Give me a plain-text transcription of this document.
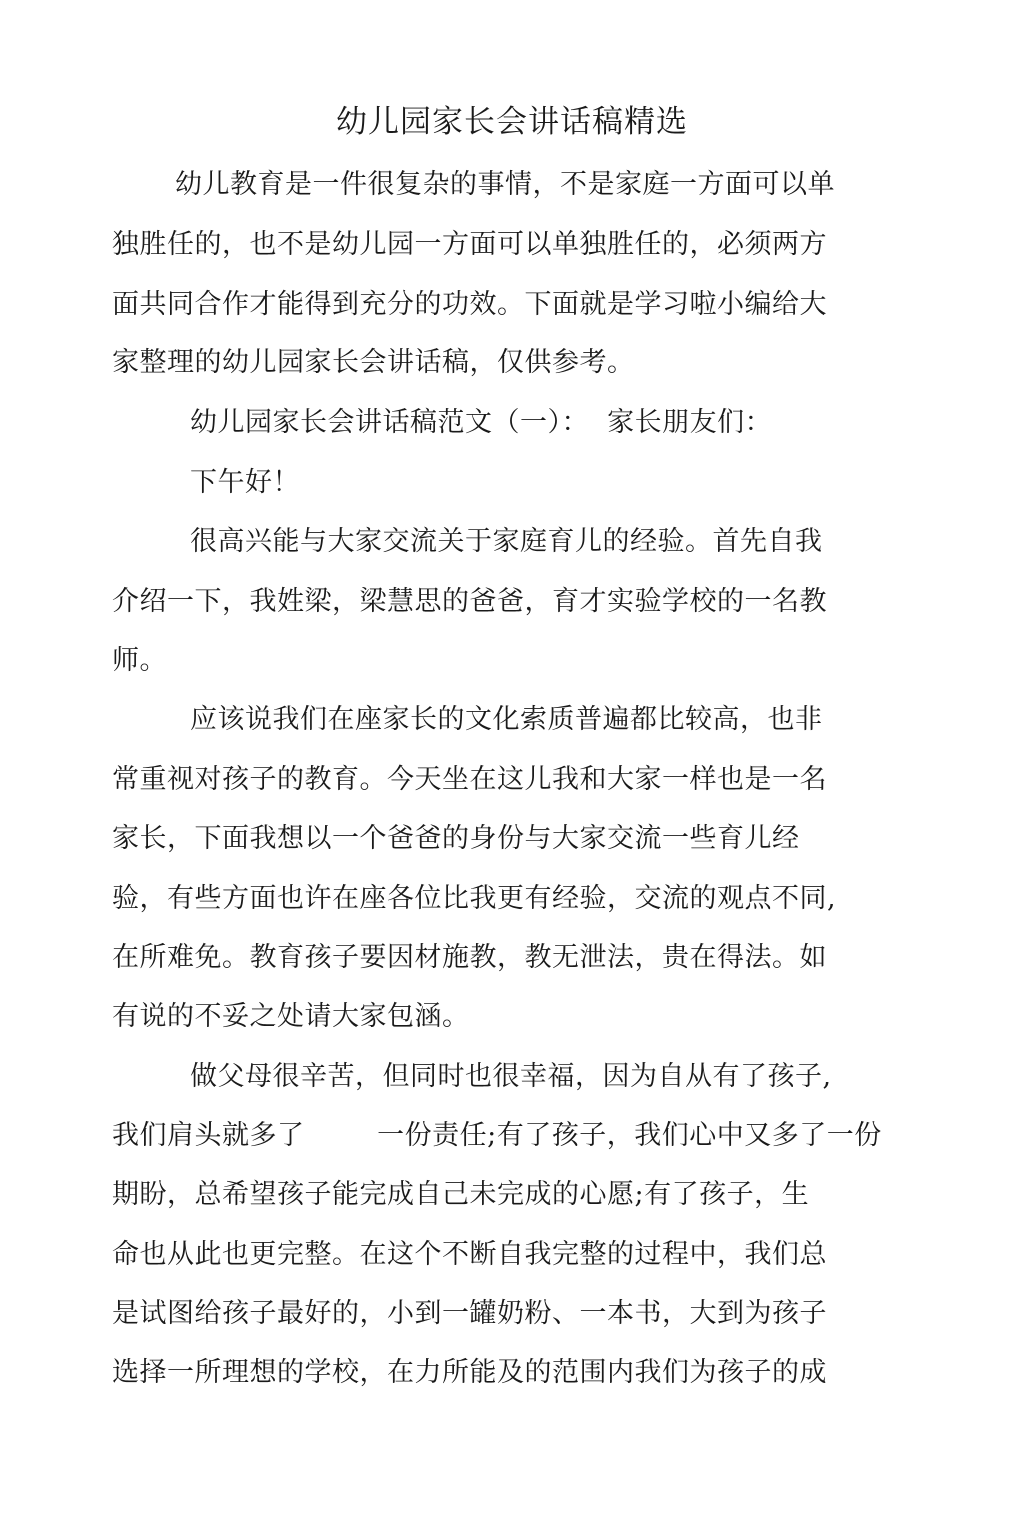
幼儿园家长会讲话稿精选
幼儿教育是一件很复杂的事情，不是家庭一方面可以单
独胜任的，也不是幼儿园一方面可以单独胜任的，必须两方
面共同合作才能得到充分的功效。下面就是学习啦小编给大
家整理的幼儿园家长会讲话稿，仅供参考。
幼儿园家长会讲话稿范文（一）：  家长朋友们：
下午好！
很高兴能与大家交流关于家庭育儿的经验。首先自我
介绍一下，我姓梁，梁慧思的爸爸，育才实验学校的一名教
师。
应该说我们在座家长的文化索质普遍都比较高，也非
常重视对孩子的教育。今天坐在这儿我和大家一样也是一名
家长，下面我想以一个爸爸的身份与大家交流一些育儿经
验，有些方面也许在座各位比我更有经验，交流的观点不同,
在所难免。教育孩子要因材施教，教无泄法，贵在得法。如
有说的不妥之处请大家包涵。
做父母很辛苦，但同时也很幸福，因为自从有了孩子,
我们肩头就多了        一份责任;有了孩子，我们心中又多了一份
期盼，总希望孩子能完成自己未完成的心愿;有了孩子，生
命也从此也更完整。在这个不断自我完整的过程中，我们总
是试图给孩子最好的，小到一罐奶粉、一本书，大到为孩子
选择一所理想的学校，在力所能及的范围内我们为孩子的成
